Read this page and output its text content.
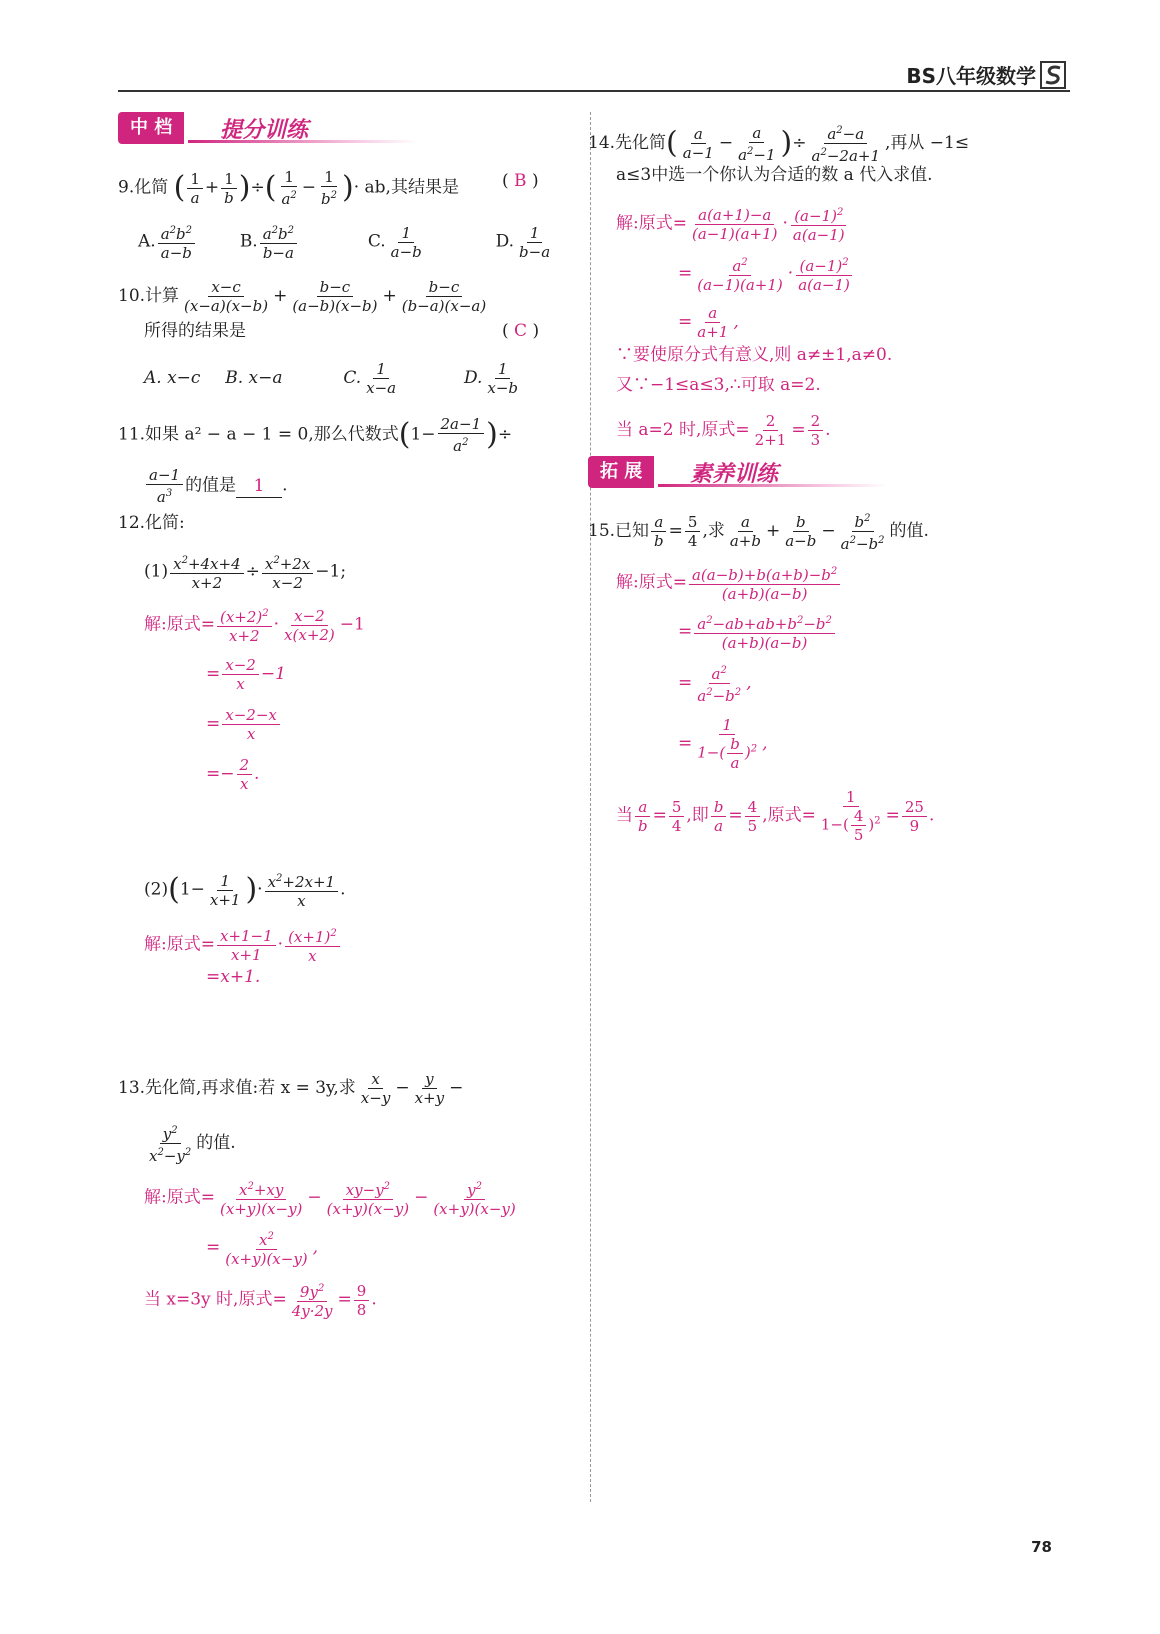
BS八年级数学
中 档	提分训练
9.化简 ( $\frac{1}{a} + \frac{1}{b}$ )÷( $\frac{1}{a^2} - \frac{1}{b^2}$ )· ab,其结果是	( B )
A. $\frac{a^2b^2}{a-b}$	B. $\frac{a^2b^2}{b-a}$	C. $\frac{1}{a-b}$	D. $\frac{1}{b-a}$
10.计算 $\frac{x-c}{(x-a)(x-b)} + \frac{b-c}{(a-b)(x-b)} + \frac{b-c}{(b-a)(x-a)}$
所得的结果是	( C )
A. x−c B. x−a	C. $\frac{1}{x-a}$	D. $\frac{1}{x-b}$
11.如果 a² − a − 1 = 0,那么代数式($1- \frac{2a-1}{a^2}$ )÷
$\frac{a-1}{a^3}$ 的值是 1 .
12.化简:
$(1) \frac{x^2+4x+4}{x+2} \div \frac{x^2+2x}{x-2} -1$;
解:原式= $\frac{(x+2)^2}{x+2} \cdot \frac{x-2}{x(x+2)} -1$
= $\frac{x-2}{x} -1$
= $\frac{x-2-x}{x}$
=− $\frac{2}{x}$ .
$(2)(1- \frac{1}{x+1}$ )· $\frac{x^2+2x+1}{x}$ .
解:原式= $\frac{x+1-1}{x+1} \cdot \frac{(x+1)^2}{x}$
=x+1.
13.先化简,再求值:若 x = 3y,求 $\frac{x}{x-y} - \frac{y}{x+y}$ −
$\frac{y^2}{x^2-y^2}$ 的值.
解:原式= $\frac{x^2+xy}{(x+y)(x-y)} - \frac{xy-y^2}{(x+y)(x-y)} - \frac{y^2}{(x+y)(x-y)}$
= $\frac{x^2}{(x+y)(x-y)}$ ,
当 x=3y 时,原式= $\frac{9y^2}{4y\cdot 2y} = \frac{9}{8}$ .
14.先化简( $\frac{a}{a-1} - \frac{a}{a^2-1}$ )÷ $\frac{a^2-a}{a^2-2a+1}$ ,再从 −1≤
a≤3中选一个你认为合适的数 a 代入求值.
解:原式= $\frac{a(a+1)-a}{(a-1)(a+1)} \cdot \frac{(a-1)^2}{a(a-1)}$
= $\frac{a^2}{(a-1)(a+1)} \cdot \frac{(a-1)^2}{a(a-1)}$
= $\frac{a}{a+1}$ ,
∵要使原分式有意义,则 a≠±1,a≠0.
又∵−1≤a≤3,∴可取 a=2.
当 a=2 时,原式= $\frac{2}{2+1} = \frac{2}{3}$ .
拓 展	素养训练
15.已知 $\frac{a}{b} = \frac{5}{4}$ ,求 $\frac{a}{a+b} + \frac{b}{a-b} - \frac{b^2}{a^2-b^2}$ 的值.
解:原式= $\frac{a(a-b)+b(a+b)-b^2}{(a+b)(a-b)}$
= $\frac{a^2-ab+ab+b^2-b^2}{(a+b)(a-b)}$
= $\frac{a^2}{a^2-b^2}$ ,
= $\frac{1}{1-( \frac{b}{a} )^2}$ ,
当 $\frac{a}{b} = \frac{5}{4}$ ,即 $\frac{b}{a} = \frac{4}{5}$ ,原式= $\frac{1}{1-( \frac{4}{5} )^2} = \frac{25}{9}$ .
78
